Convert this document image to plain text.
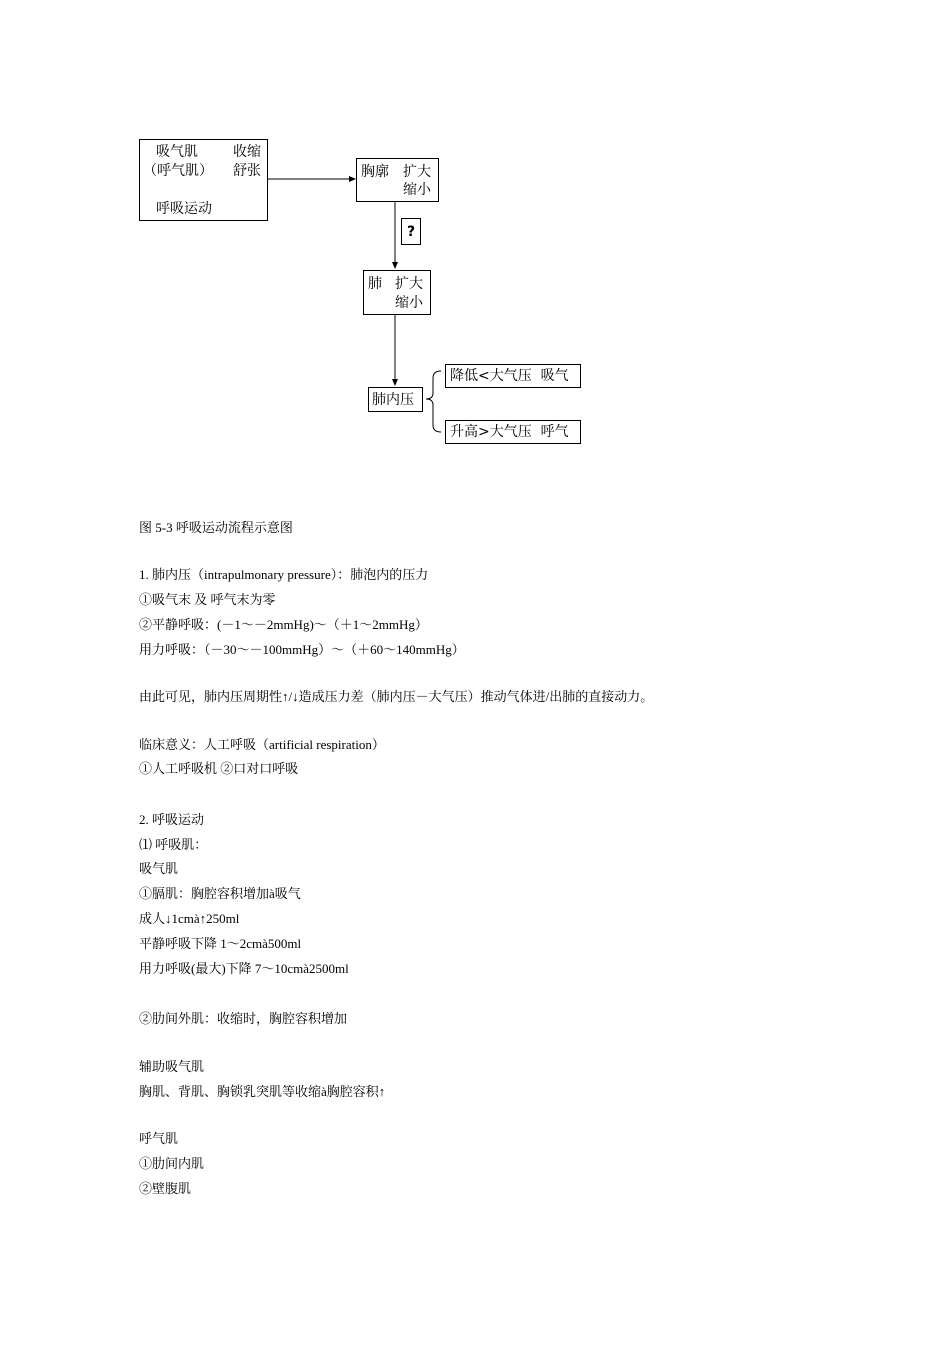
吸气肌	收缩
（呼气肌） 舒张
呼吸运动
胸廓 扩大
缩小
?
肺 扩大
缩小
肺内压
降低<大气压  吸气
升高>大气压  呼气
图 5-3 呼吸运动流程示意图
1. 肺内压（intrapulmonary pressure）：肺泡内的压力
①吸气末 及 呼气末为零
②平静呼吸：(－1～－2mmHg)～（＋1～2mmHg）
用力呼吸：（－30～－100mmHg）～（＋60～140mmHg）
由此可见，肺内压周期性↑/↓造成压力差（肺内压－大气压）推动气体进/出肺的直接动力。
临床意义：人工呼吸（artificial respiration）
①人工呼吸机 ②口对口呼吸
2. 呼吸运动
⑴ 呼吸肌：
吸气肌
①膈肌：胸腔容积增加à吸气
成人↓1cmà↑250ml
平静呼吸下降 1～2cmà500ml
用力呼吸(最大)下降 7～10cmà2500ml
②肋间外肌：收缩时，胸腔容积增加
辅助吸气肌
胸肌、背肌、胸锁乳突肌等收缩à胸腔容积↑
呼气肌
①肋间内肌
②壁腹肌
